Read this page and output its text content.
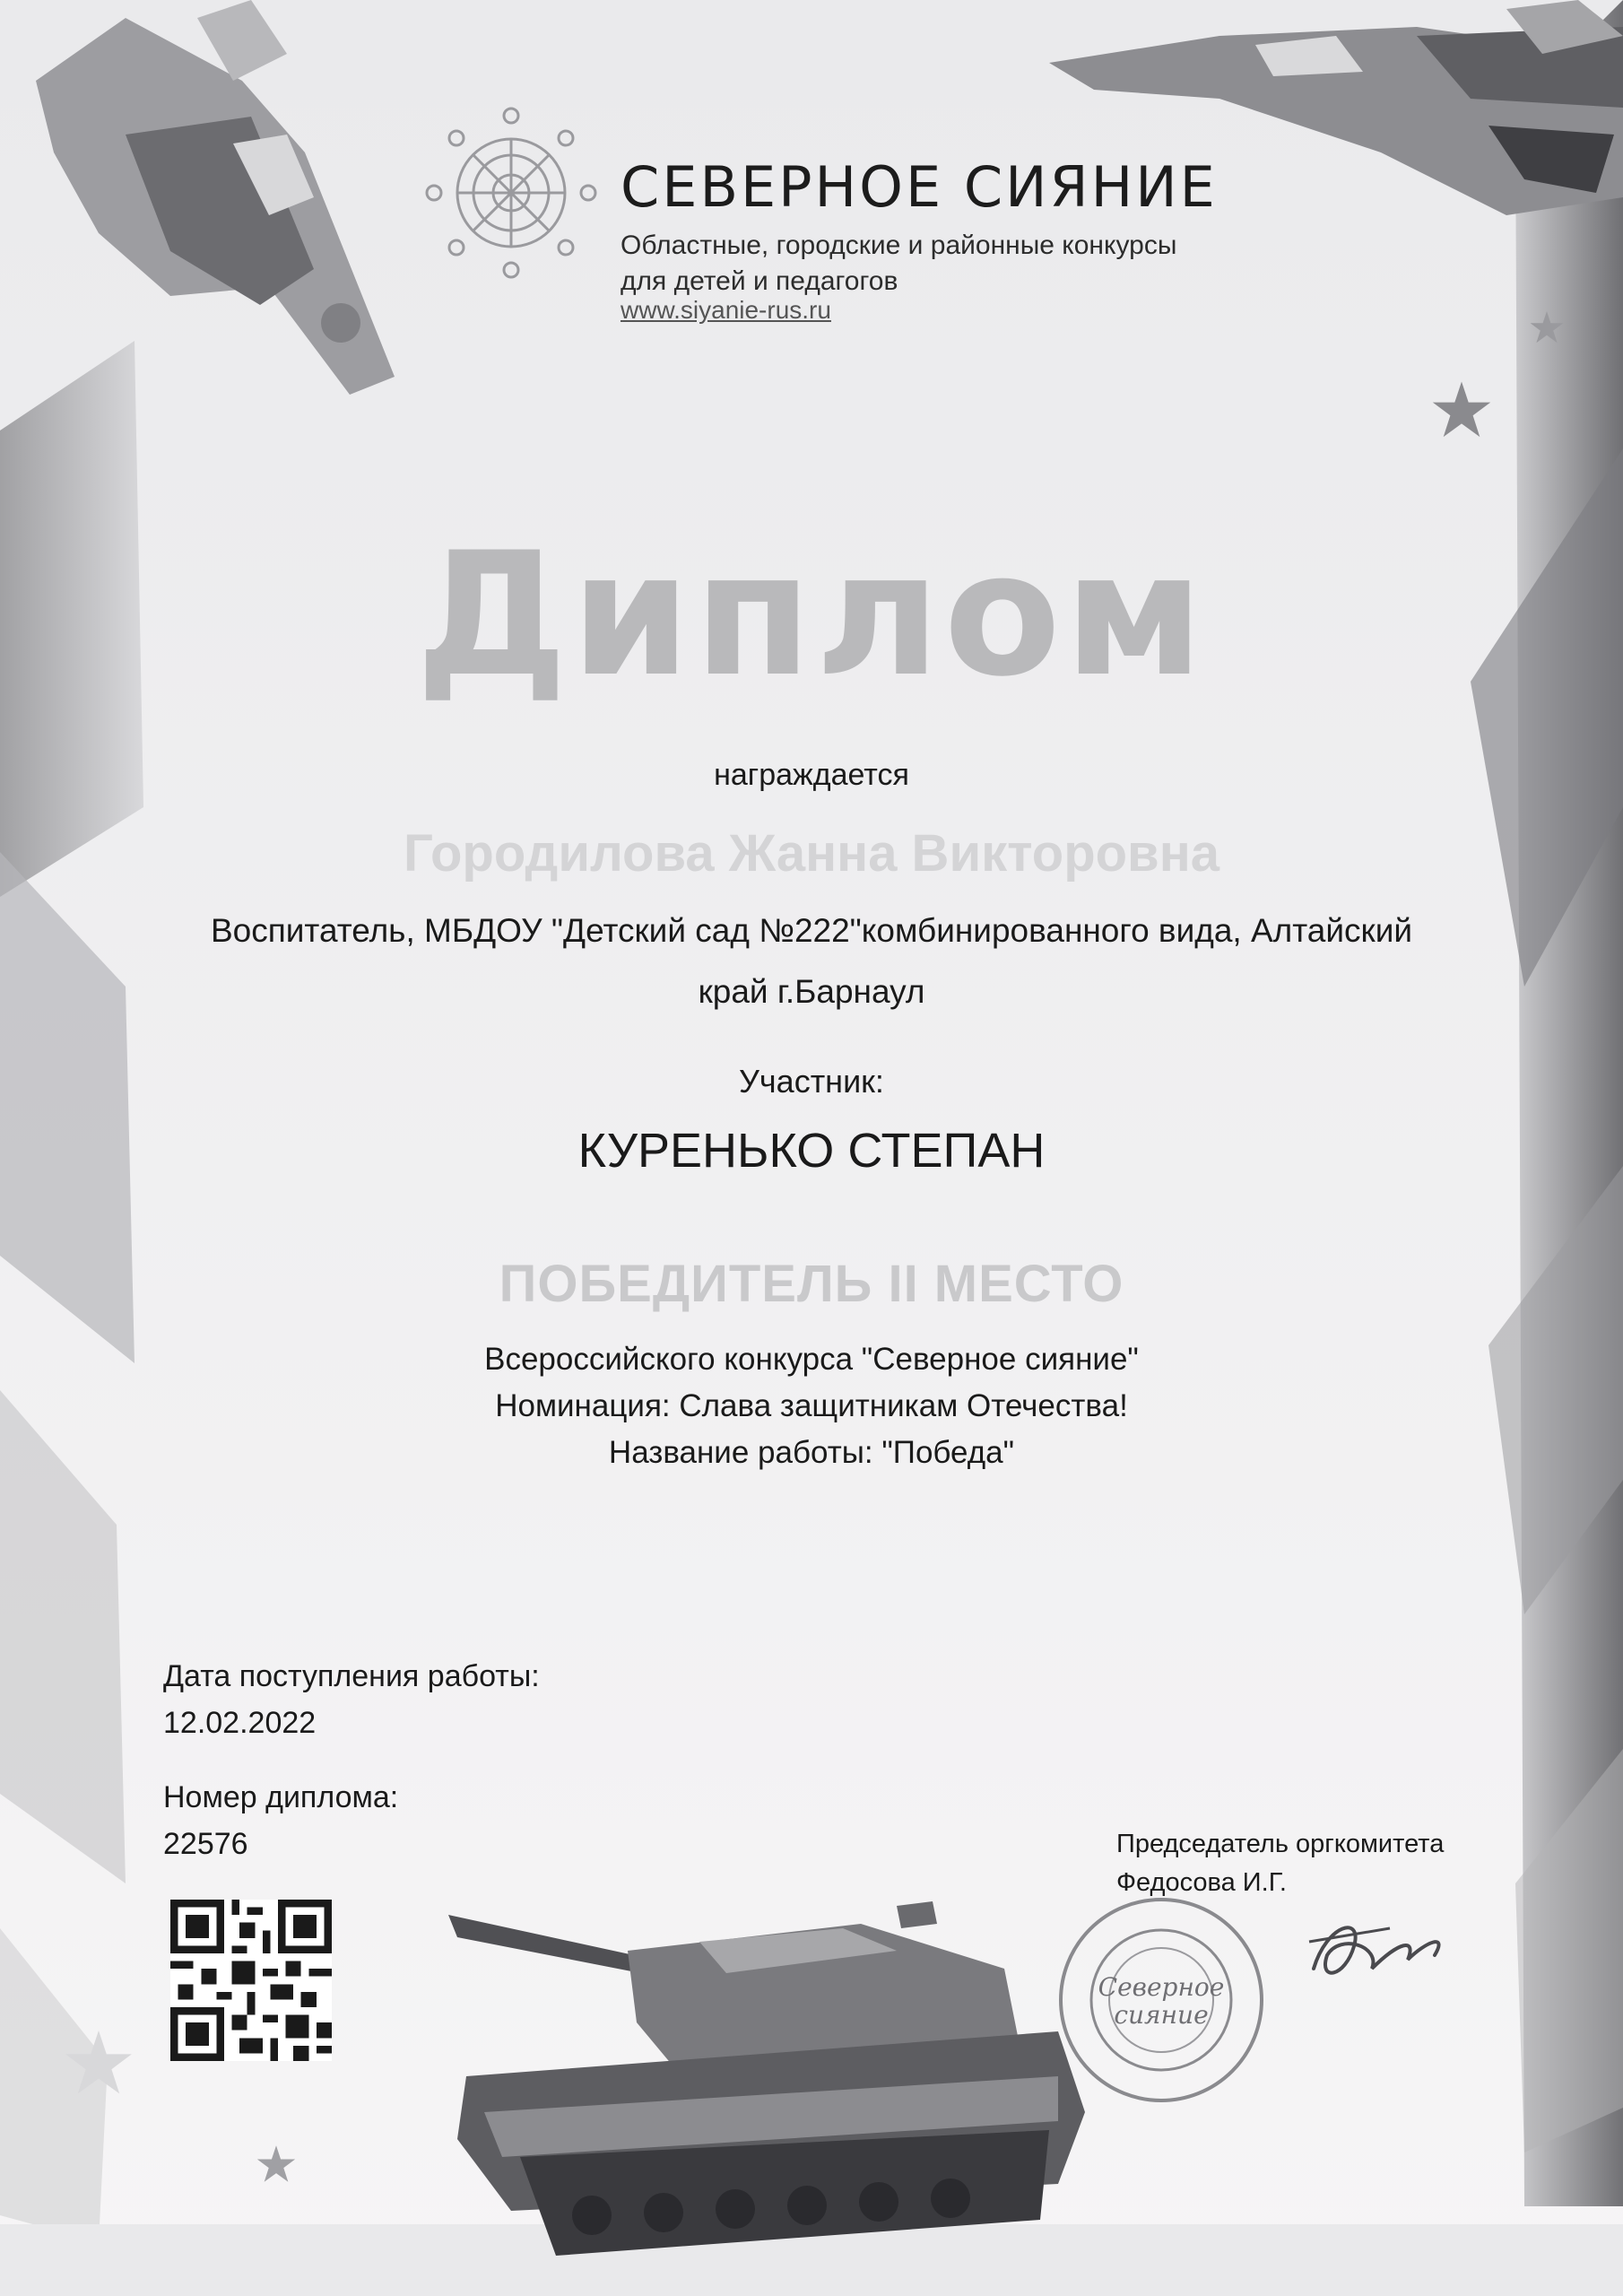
СЕВЕРНОЕ СИЯНИЕ
Областные, городские и районные конкурсы
для детей и педагогов
www.siyanie-rus.ru
Диплом
награждается
Городилова Жанна Викторовна
Воспитатель, МБДОУ "Детский сад №222"комбинированного вида, Алтайский
край г.Барнаул
Участник:
КУРЕНЬКО СТЕПАН
ПОБЕДИТЕЛЬ II МЕСТО
Всероссийского конкурса "Северное сияние"
Номинация: Слава защитникам Отечества!
Название работы: "Победа"
Дата поступления работы:
12.02.2022
Номер диплома:
22576	Председатель оргкомитета
Федосова И.Г.
Северное
сияние
